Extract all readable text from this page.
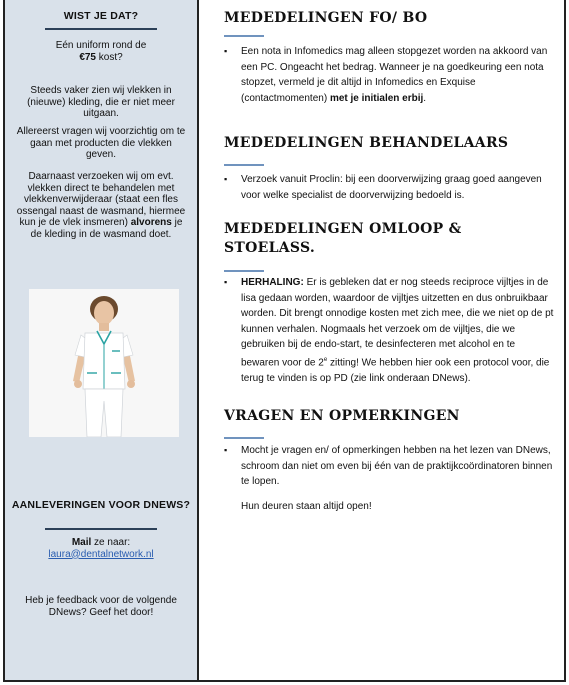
WIST JE DAT?
Eén uniform rond de
€75 kost?
Steeds vaker zien wij vlekken in (nieuwe) kleding, die er niet meer uitgaan.
Allereerst vragen wij voorzichtig om te gaan met producten die vlekken geven.
Daarnaast verzoeken wij om evt. vlekken direct te behandelen met vlekkenverwijderaar (staat een fles ossengal naast de wasmand, hiermee kun je de vlek insmeren) alvorens je de kleding in de wasmand doet.
AANLEVERINGEN VOOR DNEWS?
Mail ze naar:
laura@dentalnetwork.nl
Heb je feedback voor de volgende DNews? Geef het door!
MEDEDELINGEN FO/ BO
▪ Een nota in Infomedics mag alleen stopgezet worden na akkoord van een PC. Ongeacht het bedrag. Wanneer je na goedkeuring een nota stopzet, vermeld je dit altijd in Infomedics en Exquise (contactmomenten) met je initialen erbij.
MEDEDELINGEN BEHANDELAARS
▪ Verzoek vanuit Proclin: bij een doorverwijzing graag goed aangeven voor welke specialist de doorverwijzing bedoeld is.
MEDEDELINGEN OMLOOP &
STOELASS.
▪ HERHALING: Er is gebleken dat er nog steeds reciproce vijltjes in de lisa gedaan worden, waardoor de vijltjes uitzetten en dus onbruikbaar worden. Dit brengt onnodige kosten met zich mee, die we niet op de pt kunnen verhalen. Nogmaals het verzoek om de vijltjes, die we gebruiken bij de endo-start, te desinfecteren met alcohol en te bewaren voor de 2e zitting! We hebben hier ook een protocol voor, die terug te vinden is op PD (zie link onderaan DNews).
VRAGEN EN OPMERKINGEN
▪ Mocht je vragen en/ of opmerkingen hebben na het lezen van DNews, schroom dan niet om even bij één van de praktijkcoördinatoren binnen te lopen.
Hun deuren staan altijd open!
